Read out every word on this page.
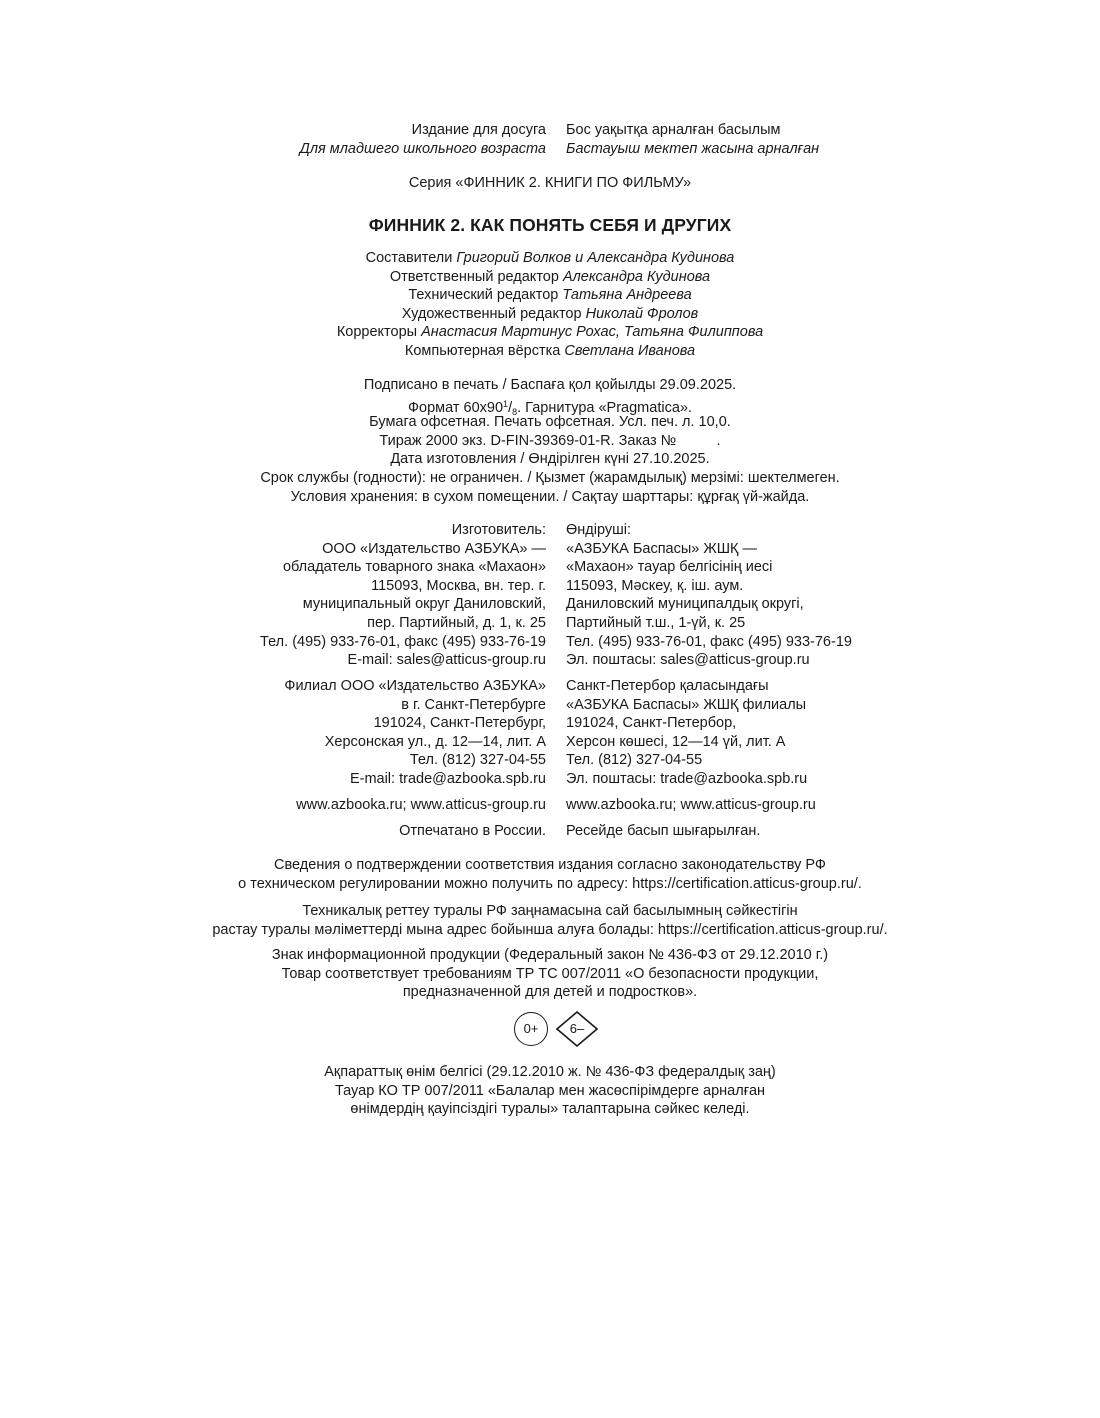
Издание для досуга Бос уақытқа арналған басылым
Для младшего школьного возраста Бастауыш мектеп жасына арналған
Серия «ФИННИК 2. КНИГИ ПО ФИЛЬМУ»
ФИННИК 2. КАК ПОНЯТЬ СЕБЯ И ДРУГИХ
Составители Григорий Волков и Александра Кудинова
Ответственный редактор Александра Кудинова
Технический редактор Татьяна Андреева
Художественный редактор Николай Фролов
Корректоры Анастасия Мартинус Рохас, Татьяна Филиппова
Компьютерная вёрстка Светлана Иванова
Подписано в печать / Баспаға қол қойылды 29.09.2025.
Формат $60x90^1/_8$. Гарнитура «Pragmatica».
Бумага офсетная. Печать офсетная. Усл. печ. л. 10,0.
Тираж 2000 экз. D-FIN-39369-01-R. Заказ №          .
Дата изготовления / Өндірілген күні 27.10.2025.
Срок службы (годности): не ограничен. / Қызмет (жарамдылық) мерзімі: шектелмеген.
Условия хранения: в сухом помещении. / Сақтау шарттары: құрғақ үй-жайда.
Изготовитель: Өндіруші:
ООО «Издательство АЗБУКА» — «АЗБУКА Баспасы» ЖШҚ —
обладатель товарного знака «Махаон» «Махаон» тауар белгісінің иесі
115093, Москва, вн. тер. г. 115093, Мәскеу, қ. іш. аум.
муниципальный округ Даниловский, Даниловский муниципалдық округі,
пер. Партийный, д. 1, к. 25 Партийный т.ш., 1-үй, к. 25
Тел. (495) 933-76-01, факс (495) 933-76-19 Тел. (495) 933-76-01, факс (495) 933-76-19
E-mail: sales@atticus-group.ru Эл. поштасы: sales@atticus-group.ru
Филиал ООО «Издательство АЗБУКА» Санкт-Петербор қаласындағы
в г. Санкт-Петербурге «АЗБУКА Баспасы» ЖШҚ филиалы
191024, Санкт-Петербург, 191024, Санкт-Петербор,
Херсонская ул., д. 12—14, лит. А Херсон көшесі, 12—14 үй, лит. А
Тел. (812) 327-04-55 Тел. (812) 327-04-55
E-mail: trade@azbooka.spb.ru Эл. поштасы: trade@azbooka.spb.ru
www.azbooka.ru; www.atticus-group.ru www.azbooka.ru; www.atticus-group.ru
Отпечатано в России. Ресейде басып шығарылған.
Сведения о подтверждении соответствия издания согласно законодательству РФ
о техническом регулировании можно получить по адресу: https://certification.atticus-group.ru/.
Техникалық реттеу туралы РФ заңнамасына сай басылымның сәйкестігін
растау туралы мәліметтерді мына адрес бойынша алуға болады: https://certification.atticus-group.ru/.
Знак информационной продукции (Федеральный закон № 436-ФЗ от 29.12.2010 г.)
Товар соответствует требованиям ТР ТС 007/2011 «О безопасности продукции,
предназначенной для детей и подростков».
0+	6–
Ақпараттық өнім белгісі (29.12.2010 ж. № 436-ФЗ федералдық заң)
Тауар КО ТР 007/2011 «Балалар мен жасөспірімдерге арналған
өнімдердің қауіпсіздігі туралы» талаптарына сәйкес келеді.
